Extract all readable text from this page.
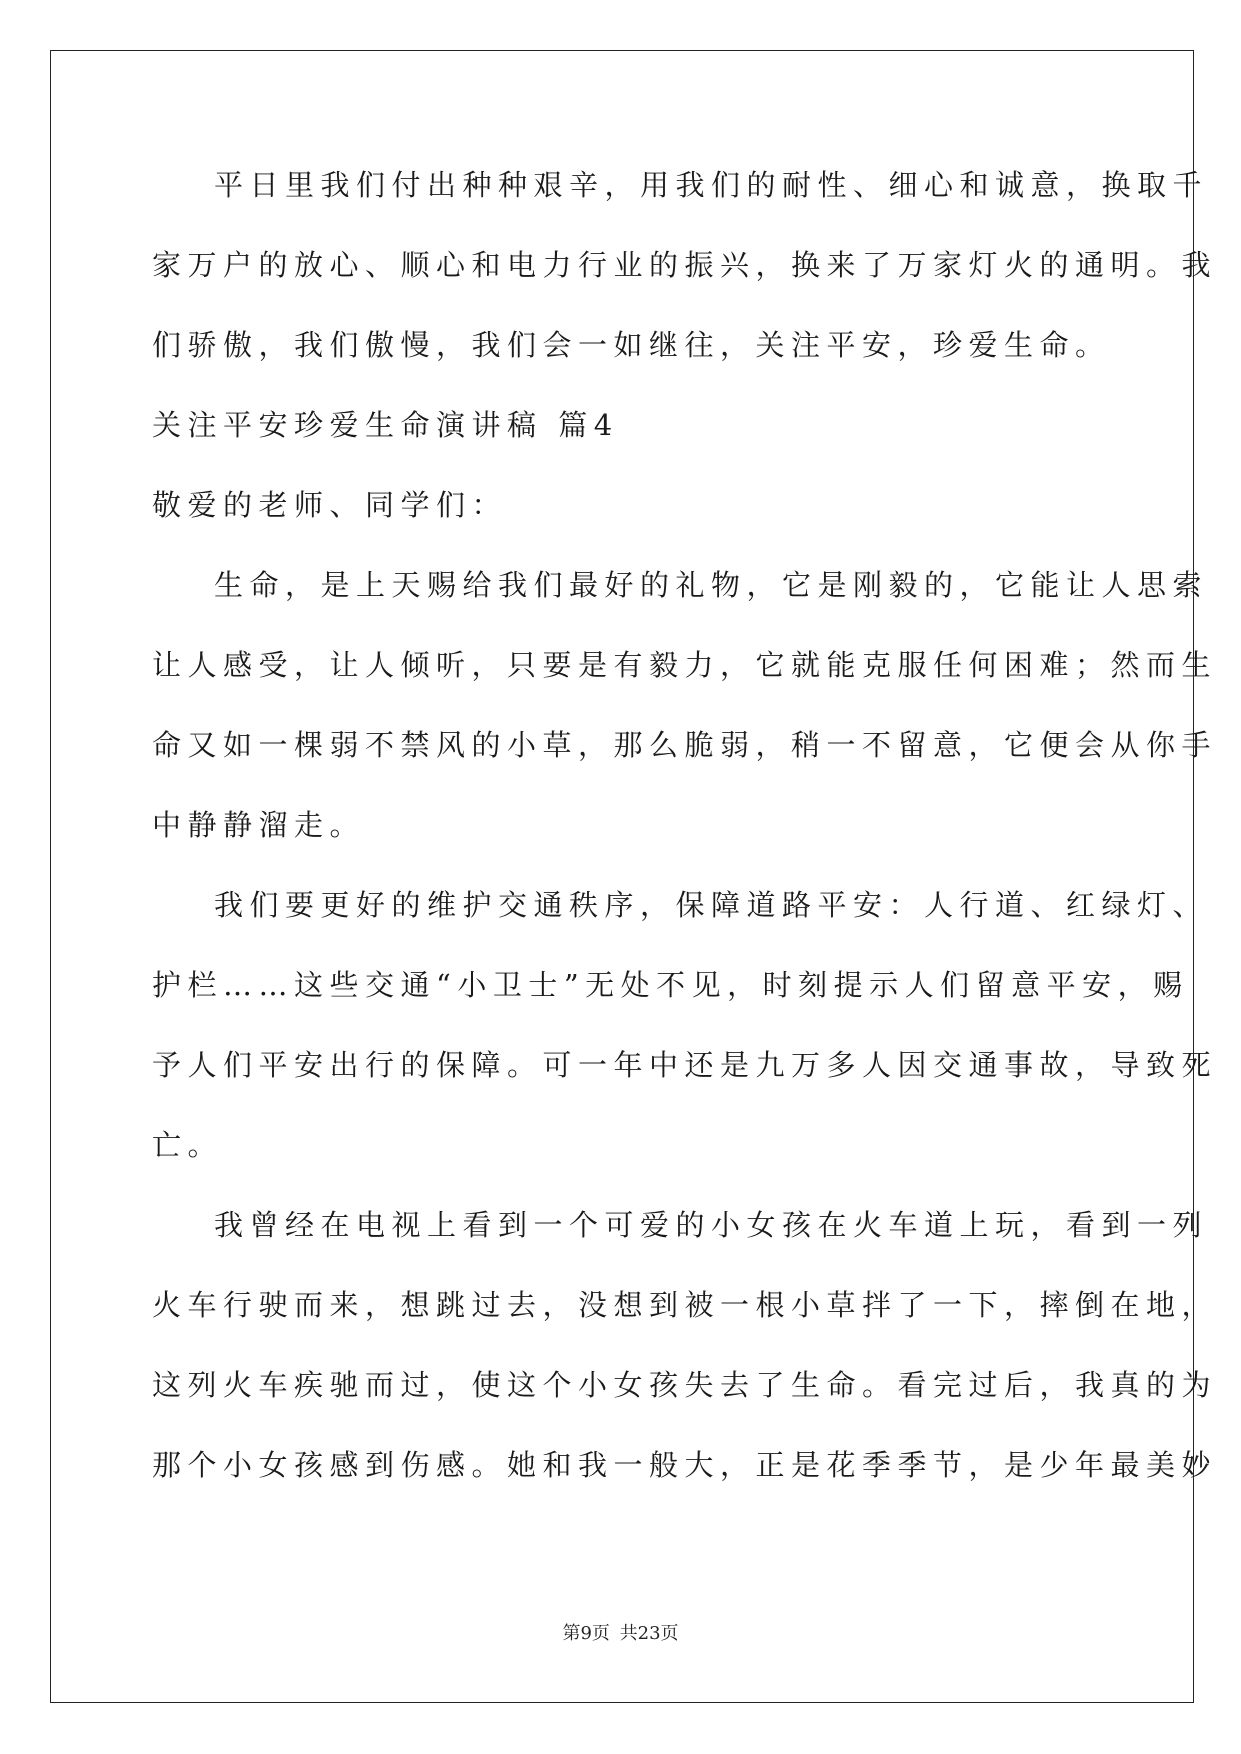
平日里我们付出种种艰辛，用我们的耐性、细心和诚意，换取千
家万户的放心、顺心和电力行业的振兴，换来了万家灯火的通明。我
们骄傲，我们傲慢，我们会一如继往，关注平安，珍爱生命。
关注平安珍爱生命演讲稿 篇4
敬爱的老师、同学们：
生命，是上天赐给我们最好的礼物，它是刚毅的，它能让人思索
让人感受，让人倾听，只要是有毅力，它就能克服任何困难；然而生
命又如一棵弱不禁风的小草，那么脆弱，稍一不留意，它便会从你手
中静静溜走。
我们要更好的维护交通秩序，保障道路平安：人行道、红绿灯、
护栏……这些交通“小卫士”无处不见，时刻提示人们留意平安，赐
予人们平安出行的保障。可一年中还是九万多人因交通事故，导致死
亡。
我曾经在电视上看到一个可爱的小女孩在火车道上玩，看到一列
火车行驶而来，想跳过去，没想到被一根小草拌了一下，摔倒在地，
这列火车疾驰而过，使这个小女孩失去了生命。看完过后，我真的为
那个小女孩感到伤感。她和我一般大，正是花季季节，是少年最美妙
第9页 共23页
